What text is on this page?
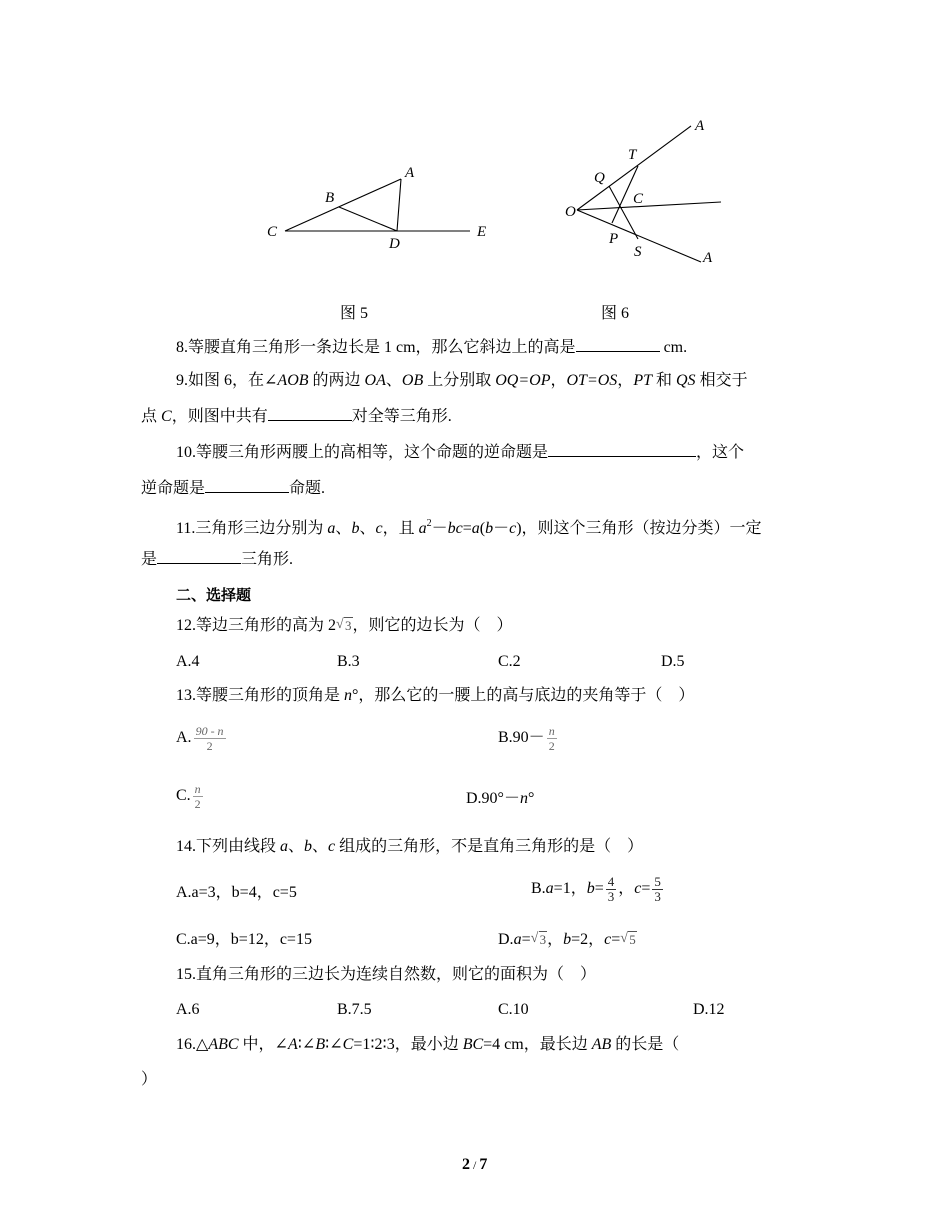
A
B
C
D
E
A
T
Q
C
O
P
S	A
图 5	图 6
8.等腰直角三角形一条边长是 1 cm，那么它斜边上的高是	cm.
9.如图 6，在∠AOB 的两边 OA、OB 上分别取 OQ=OP，OT=OS，PT 和 QS 相交于
点 C，则图中共有	对全等三角形.
10.等腰三角形两腰上的高相等，这个命题的逆命题是	，这个
逆命题是	命题.
11.三角形三边分别为 a、b、c，且 $a^2-bc=a(b-c)$，则这个三角形（按边分类）一定
是	三角形.
二、选择题
12.等边三角形的高为 2 √ 3，则它的边长为（　）
A.4	B.3	C.2	D.5
13.等腰三角形的顶角是 n°，那么它的一腰上的高与底边的夹角等于（　）
A. $\frac{90 - n}{2}$	$B.90- \frac{n}{2}$
C. $\frac{n}{2}$	D.90°－n°
14.下列由线段 a、b、c 组成的三角形，不是直角三角形的是（　）
A.a=3，b=4，c=5	B.a=1，$b= \frac{4}{3}$ ，$c= \frac{5}{3}$
C.a=9，b=12，c=15	D.a= √ 3，b=2，c= √ 5
15.直角三角形的三边长为连续自然数，则它的面积为（　）
A.6	B.7.5	C.10	D.12
16.△ABC 中，∠A∶∠B∶∠C=1∶2∶3，最小边 BC=4 cm，最长边 AB 的长是（
）
2 / 7
